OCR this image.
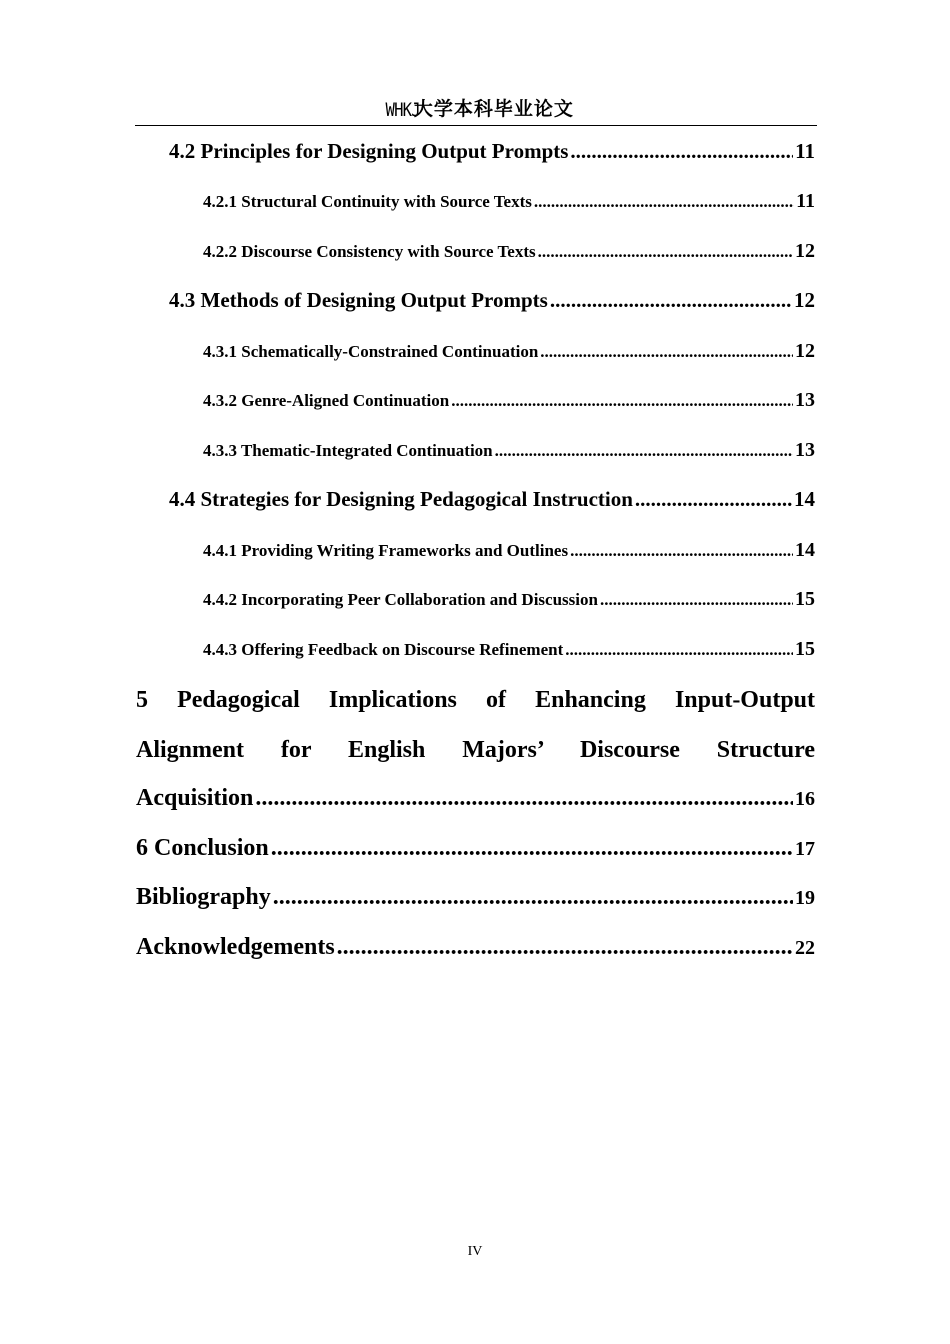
WHKJ
大学本科毕业论文
4.2 Principles for Designing Output Prompts .....	11
4.2.1 Structural Continuity with Source Texts .....	11
4.2.2 Discourse Consistency with Source Texts .....	12
4.3 Methods of Designing Output Prompts .....	12
4.3.1 Schematically-Constrained Continuation .....	12
4.3.2 Genre-Aligned Continuation .....	13
4.3.3 Thematic-Integrated Continuation .....	13
4.4 Strategies for Designing Pedagogical Instruction .....	14
4.4.1 Providing Writing Frameworks and Outlines .....	14
4.4.2 Incorporating Peer Collaboration and Discussion .....	15
4.4.3 Offering Feedback on Discourse Refinement .....	15
5 Pedagogical Implications of Enhancing Input-Output
Alignment for English Majors’ Discourse Structure
Acquisition .....	16
6 Conclusion .....	17
Bibliography .....	19
Acknowledgements .....	22
IV
